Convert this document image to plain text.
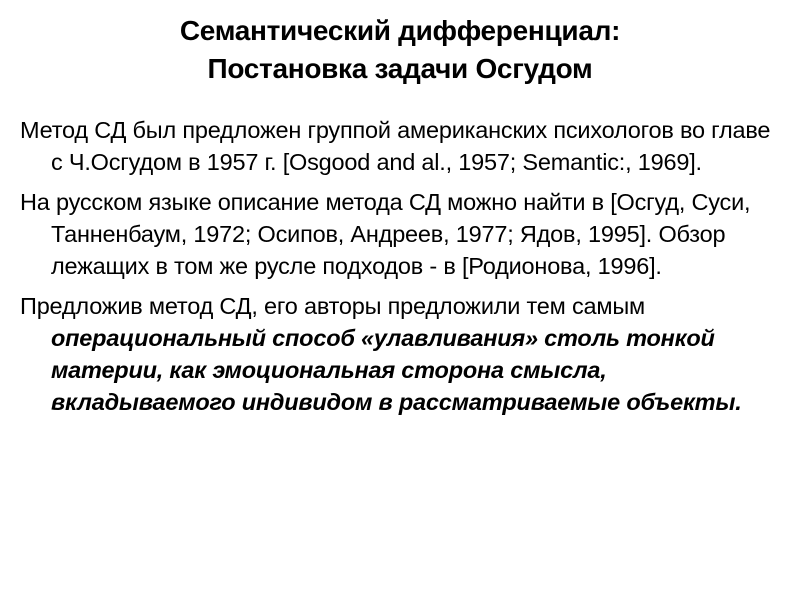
Семантический дифференциал:
Постановка задачи Осгудом

Метод СД был предложен группой американских психологов во главе с Ч.Осгудом в 1957 г. [Osgood and al., 1957; Semantic:, 1969].

На русском языке описание метода СД можно найти в [Осгуд, Суси, Танненбаум, 1972; Осипов, Андреев, 1977; Ядов, 1995]. Обзор лежащих в том же русле подходов - в [Родионова, 1996].

Предложив метод СД, его авторы предложили тем самым операциональный способ «улавливания» столь тонкой материи, как эмоциональная сторона смысла, вкладываемого индивидом в рассматриваемые объекты.
